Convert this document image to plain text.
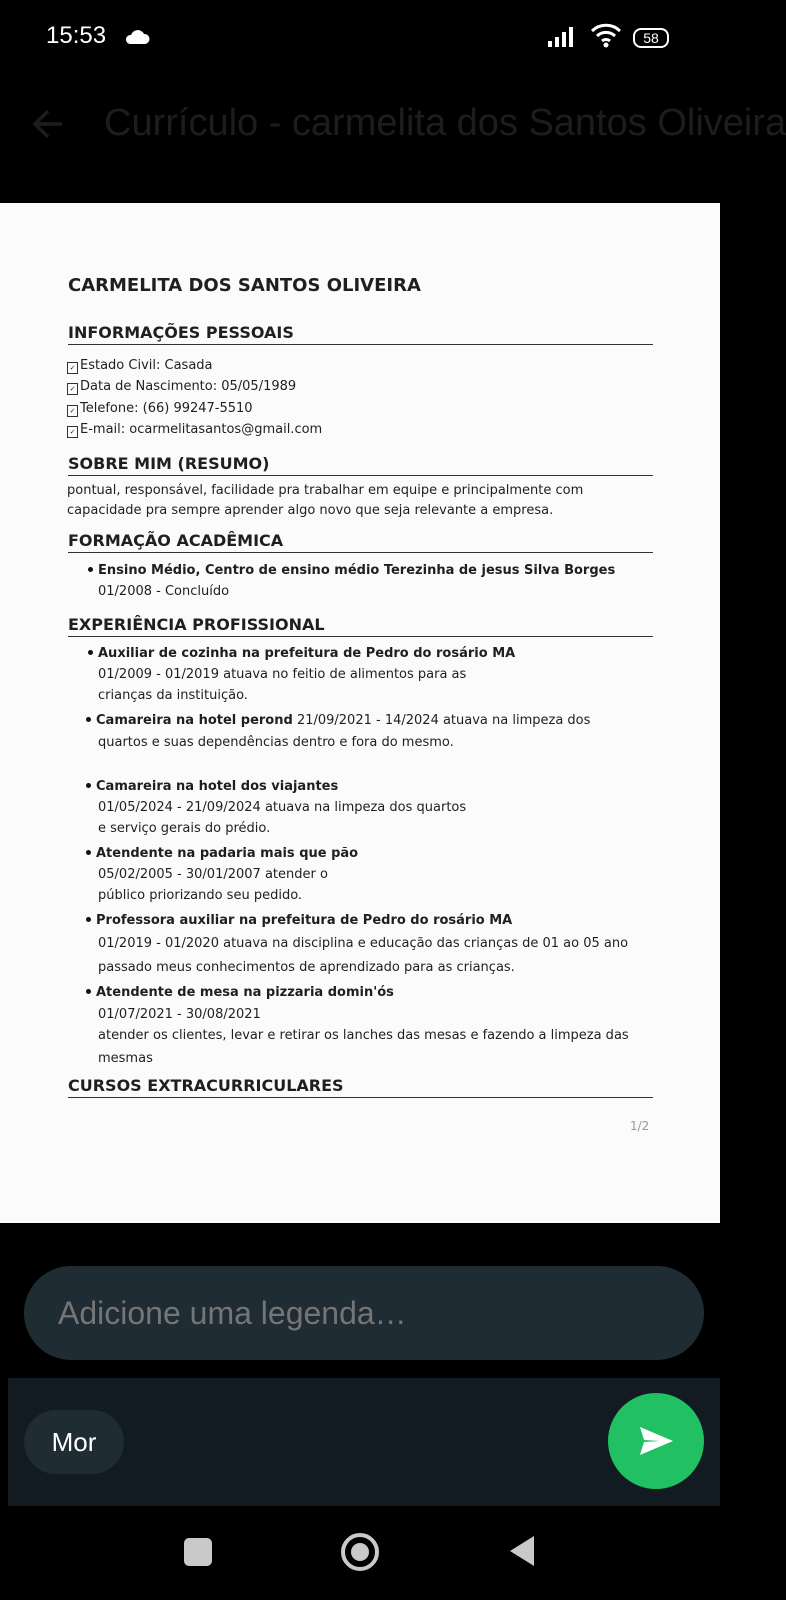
15:53	58
Currículo - carmelita dos Santos Oliveira
CARMELITA DOS SANTOS OLIVEIRA
INFORMAÇÕES PESSOAIS
✓ Estado Civil: Casada
✓ Data de Nascimento: 05/05/1989
✓ Telefone: (66) 99247-5510
✓ E-mail: ocarmelitasantos@gmail.com
SOBRE MIM (RESUMO)
pontual, responsável, facilidade pra trabalhar em equipe e principalmente com
capacidade pra sempre aprender algo novo que seja relevante a empresa.
FORMAÇÃO ACADÊMICA
Ensino Médio, Centro de ensino médio Terezinha de jesus Silva Borges
01/2008 - Concluído
EXPERIÊNCIA PROFISSIONAL
Auxiliar de cozinha na prefeitura de Pedro do rosário MA
01/2009 - 01/2019 atuava no feitio de alimentos para as
crianças da instituição.
Camareira na hotel perond 21/09/2021 - 14/2024 atuava na limpeza dos
quartos e suas dependências dentro e fora do mesmo.
Camareira na hotel dos viajantes
01/05/2024 - 21/09/2024 atuava na limpeza dos quartos
e serviço gerais do prédio.
Atendente na padaria mais que pão
05/02/2005 - 30/01/2007 atender o
público priorizando seu pedido.
Professora auxiliar na prefeitura de Pedro do rosário MA
01/2019 - 01/2020 atuava na disciplina e educação das crianças de 01 ao 05 ano
passado meus conhecimentos de aprendizado para as crianças.
Atendente de mesa na pizzaria domin'ós
01/07/2021 - 30/08/2021
atender os clientes, levar e retirar os lanches das mesas e fazendo a limpeza das
mesmas
CURSOS EXTRACURRICULARES
1/2
Adicione uma legenda…
Mor
